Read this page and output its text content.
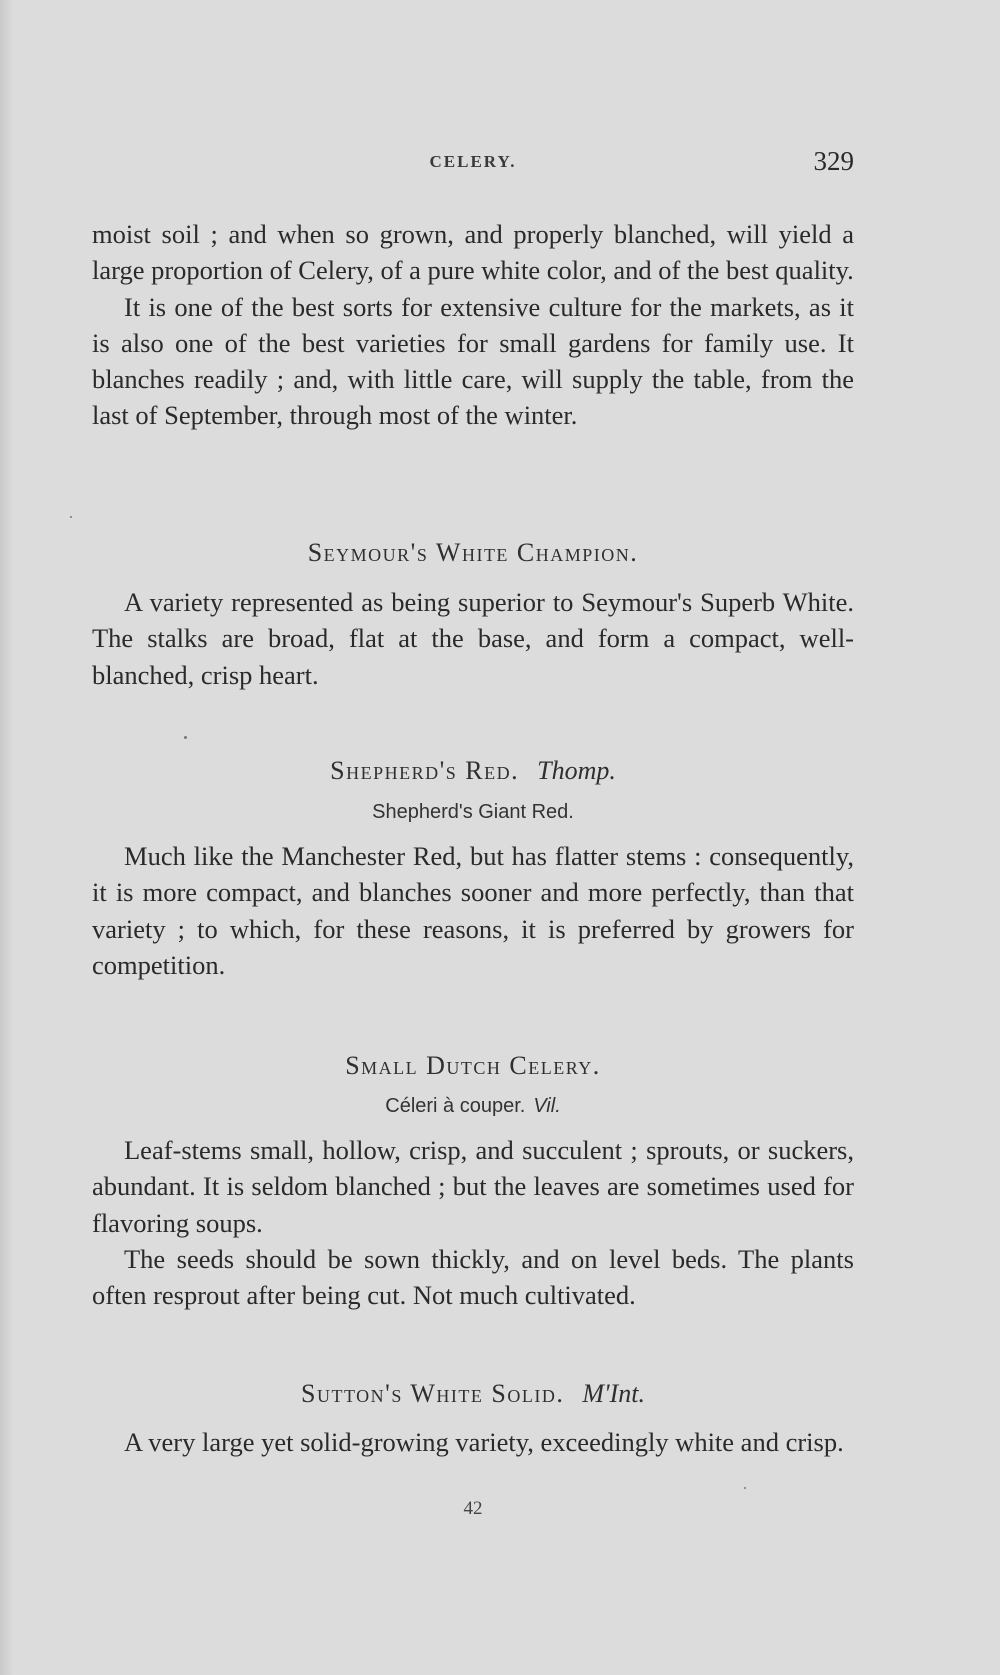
CELERY.	329

moist soil ; and when so grown, and properly blanched, will yield a large proportion of Celery, of a pure white color, and of the best quality.

It is one of the best sorts for extensive culture for the markets, as it is also one of the best varieties for small gardens for family use. It blanches readily ; and, with little care, will supply the table, from the last of September, through most of the winter.

Seymour's White Champion.

A variety represented as being superior to Seymour's Superb White. The stalks are broad, flat at the base, and form a compact, well-blanched, crisp heart.

Shepherd's Red. Thomp.
Shepherd's Giant Red.

Much like the Manchester Red, but has flatter stems : consequently, it is more compact, and blanches sooner and more perfectly, than that variety ; to which, for these reasons, it is preferred by growers for competition.

Small Dutch Celery.
Céleri à couper. Vil.

Leaf-stems small, hollow, crisp, and succulent ; sprouts, or suckers, abundant. It is seldom blanched ; but the leaves are sometimes used for flavoring soups.

The seeds should be sown thickly, and on level beds. The plants often resprout after being cut. Not much cultivated.

Sutton's White Solid. M'Int.

A very large yet solid-growing variety, exceedingly white and crisp.

42
